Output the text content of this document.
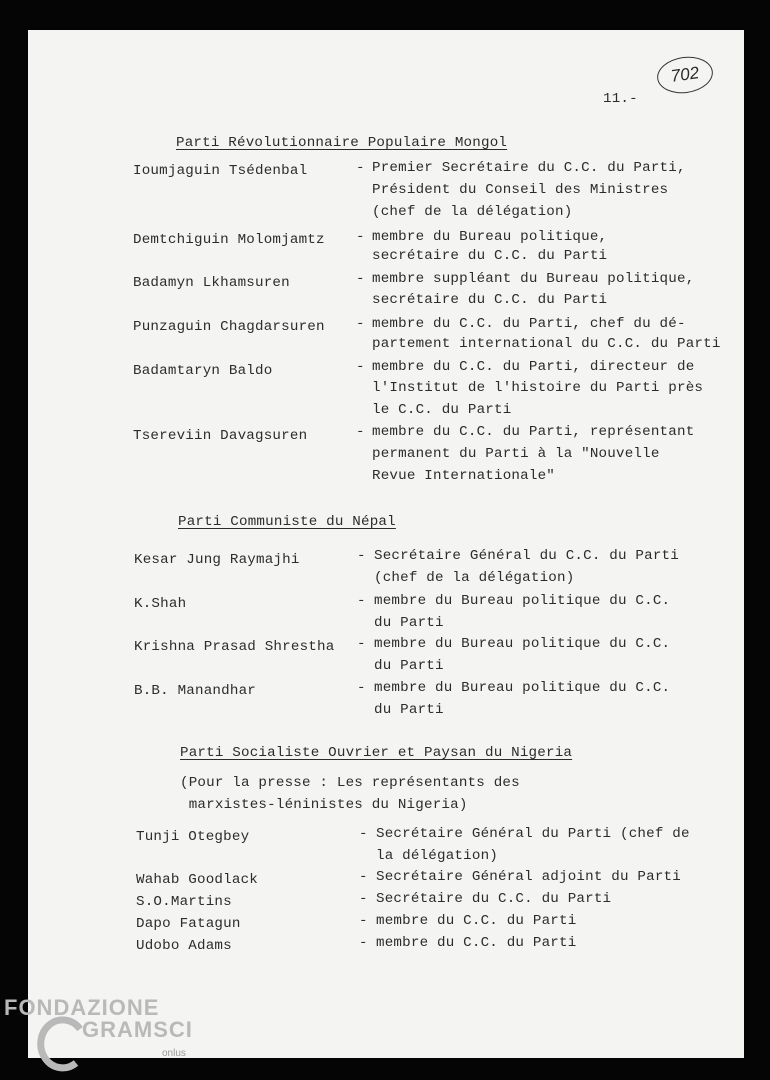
702
11.-
Parti Révolutionnaire Populaire Mongol
Ioumjaguin Tsédenbal	- Premier Secrétaire du C.C. du Parti,
Président du Conseil des Ministres
(chef de la délégation)
Demtchiguin Molomjamtz - membre du Bureau politique,
secrétaire du C.C. du Parti
Badamyn Lkhamsuren	- membre suppléant du Bureau politique,
secrétaire du C.C. du Parti
Punzaguin Chagdarsuren - membre du C.C. du Parti, chef du dé-
partement international du C.C. du Parti
Badamtaryn Baldo	- membre du C.C. du Parti, directeur de
l'Institut de l'histoire du Parti près
le C.C. du Parti
Tsereviin Davagsuren	- membre du C.C. du Parti, représentant
permanent du Parti à la "Nouvelle
Revue Internationale"
Parti Communiste du Népal
Kesar Jung Raymajhi	- Secrétaire Général du C.C. du Parti
(chef de la délégation)
K.Shah	- membre du Bureau politique du C.C.
du Parti
Krishna Prasad Shrestha - membre du Bureau politique du C.C.
du Parti
B.B. Manandhar	- membre du Bureau politique du C.C.
du Parti
Parti Socialiste Ouvrier et Paysan du Nigeria
(Pour la presse : Les représentants des
marxistes-léninistes du Nigeria)
Tunji Otegbey	- Secrétaire Général du Parti (chef de
la délégation)
Wahab Goodlack	- Secrétaire Général adjoint du Parti
S.O.Martins	- Secrétaire du C.C. du Parti
Dapo Fatagun	- membre du C.C. du Parti
Udobo Adams	- membre du C.C. du Parti
FONDAZIONE
GRAMSCI
onlus
